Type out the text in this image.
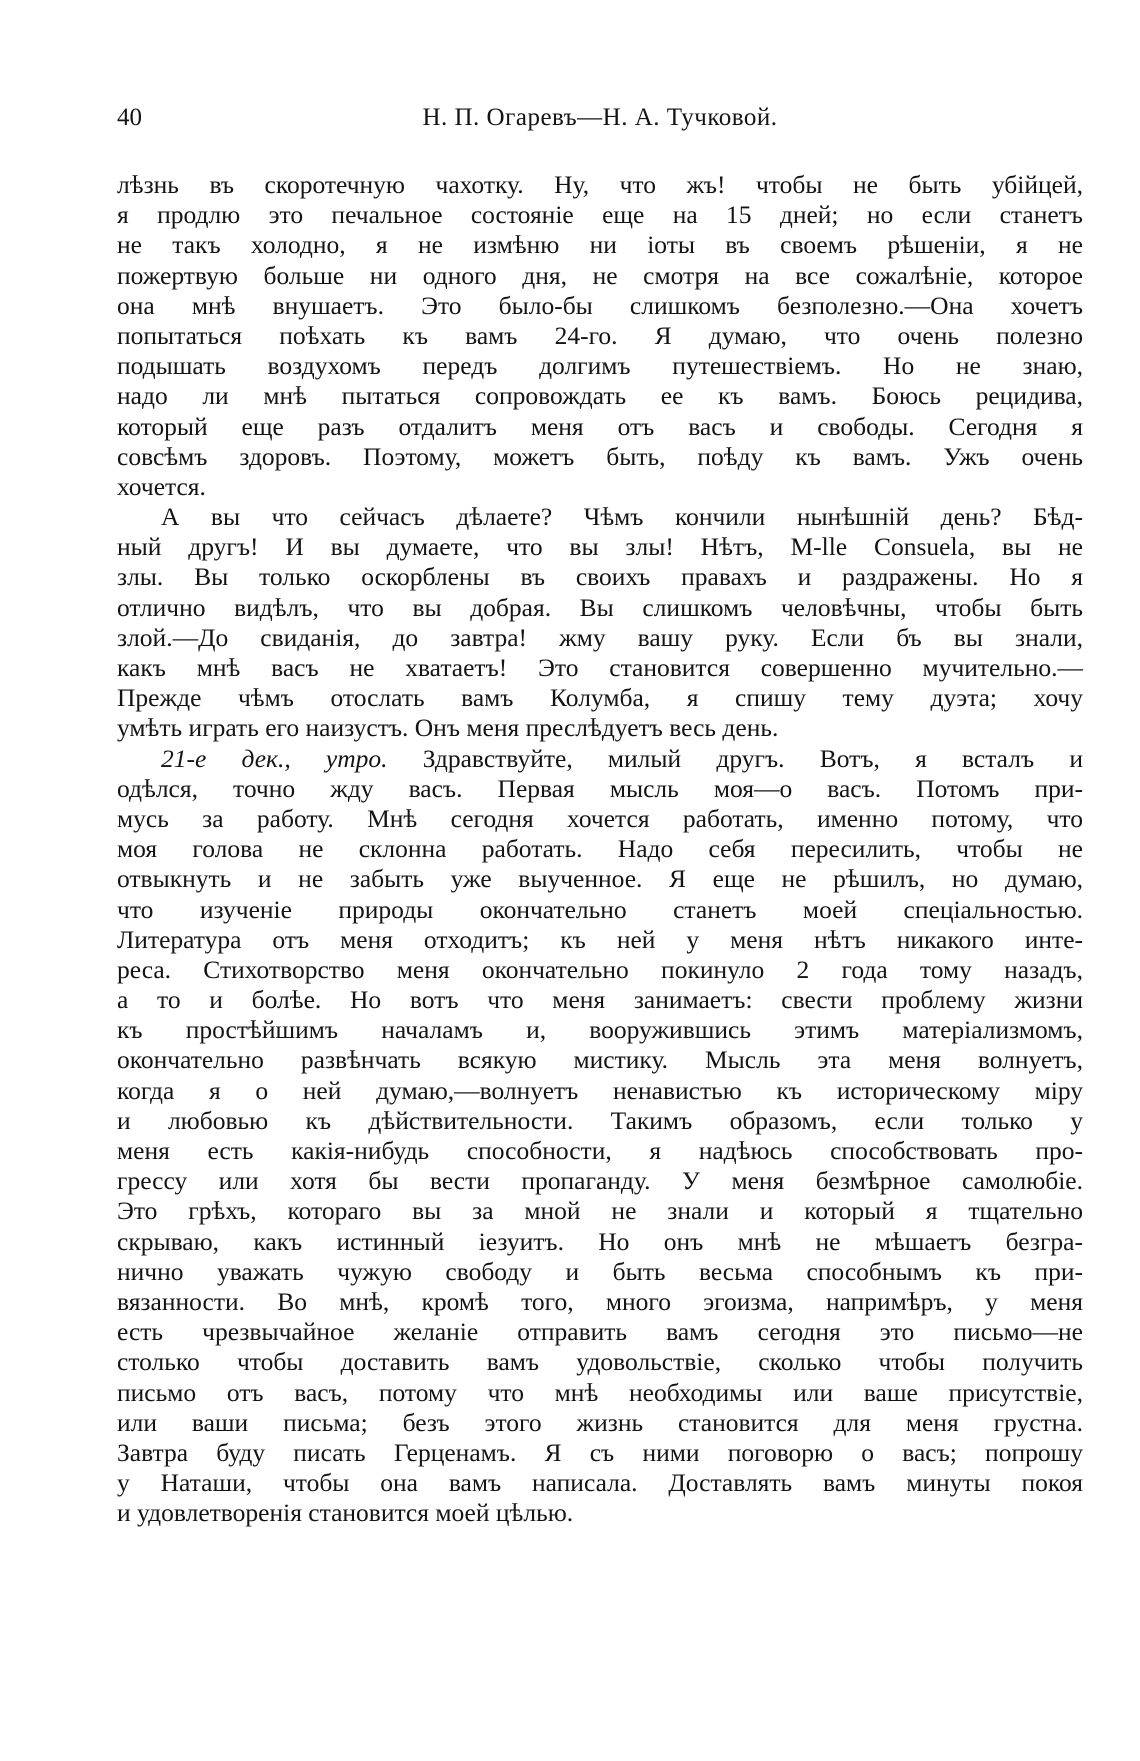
40	Н. П. Огаревъ—Н. А. Тучковой.
лѣзнь въ скоротечную чахотку. Ну, что жъ! чтобы не быть убійцей,
я продлю это печальное состояніе еще на 15 дней; но если станетъ
не такъ холодно, я не измѣню ни іоты въ своемъ рѣшеніи, я не
пожертвую больше ни одного дня, не смотря на все сожалѣніе, которое
она мнѣ внушаетъ. Это было-бы слишкомъ безполезно.—Она хочетъ
попытаться поѣхать къ вамъ 24-го. Я думаю, что очень полезно
подышать воздухомъ передъ долгимъ путешествіемъ. Но не знаю,
надо ли мнѣ пытаться сопровождать ее къ вамъ. Боюсь рецидива,
который еще разъ отдалитъ меня отъ васъ и свободы. Сегодня я
совсѣмъ здоровъ. Поэтому, можетъ быть, поѣду къ вамъ. Ужъ очень
хочется.
А вы что сейчасъ дѣлаете? Чѣмъ кончили нынѣшній день? Бѣд-
ный другъ! И вы думаете, что вы злы! Нѣтъ, M-lle Consuela, вы не
злы. Вы только оскорблены въ своихъ правахъ и раздражены. Но я
отлично видѣлъ, что вы добрая. Вы слишкомъ человѣчны, чтобы быть
злой.—До свиданія, до завтра! жму вашу руку. Если бъ вы знали,
какъ мнѣ васъ не хватаетъ! Это становится совершенно мучительно.—
Прежде чѣмъ отослать вамъ Колумба, я спишу тему дуэта; хочу
умѣть играть его наизустъ. Онъ меня преслѣдуетъ весь день.
21-е дек., утро. Здравствуйте, милый другъ. Вотъ, я всталъ и
одѣлся, точно жду васъ. Первая мысль моя—о васъ. Потомъ при-
мусь за работу. Мнѣ сегодня хочется работать, именно потому, что
моя голова не склонна работать. Надо себя пересилить, чтобы не
отвыкнуть и не забыть уже выученное. Я еще не рѣшилъ, но думаю,
что изученіе природы окончательно станетъ моей спеціальностью.
Литература отъ меня отходитъ; къ ней у меня нѣтъ никакого инте-
реса. Стихотворство меня окончательно покинуло 2 года тому назадъ,
а то и болѣе. Но вотъ что меня занимаетъ: свести проблему жизни
къ простѣйшимъ началамъ и, вооружившись этимъ матеріализмомъ,
окончательно развѣнчать всякую мистику. Мысль эта меня волнуетъ,
когда я о ней думаю,—волнуетъ ненавистью къ историческому міру
и любовью къ дѣйствительности. Такимъ образомъ, если только у
меня есть какія-нибудь способности, я надѣюсь способствовать про-
грессу или хотя бы вести пропаганду. У меня безмѣрное самолюбіе.
Это грѣхъ, котораго вы за мной не знали и который я тщательно
скрываю, какъ истинный іезуитъ. Но онъ мнѣ не мѣшаетъ безгра-
нично уважать чужую свободу и быть весьма способнымъ къ при-
вязанности. Во мнѣ, кромѣ того, много эгоизма, напримѣръ, у меня
есть чрезвычайное желаніе отправить вамъ сегодня это письмо—не
столько чтобы доставить вамъ удовольствіе, сколько чтобы получить
письмо отъ васъ, потому что мнѣ необходимы или ваше присутствіе,
или ваши письма; безъ этого жизнь становится для меня грустна.
Завтра буду писать Герценамъ. Я съ ними поговорю о васъ; попрошу
у Наташи, чтобы она вамъ написала. Доставлять вамъ минуты покоя
и удовлетворенія становится моей цѣлью.
